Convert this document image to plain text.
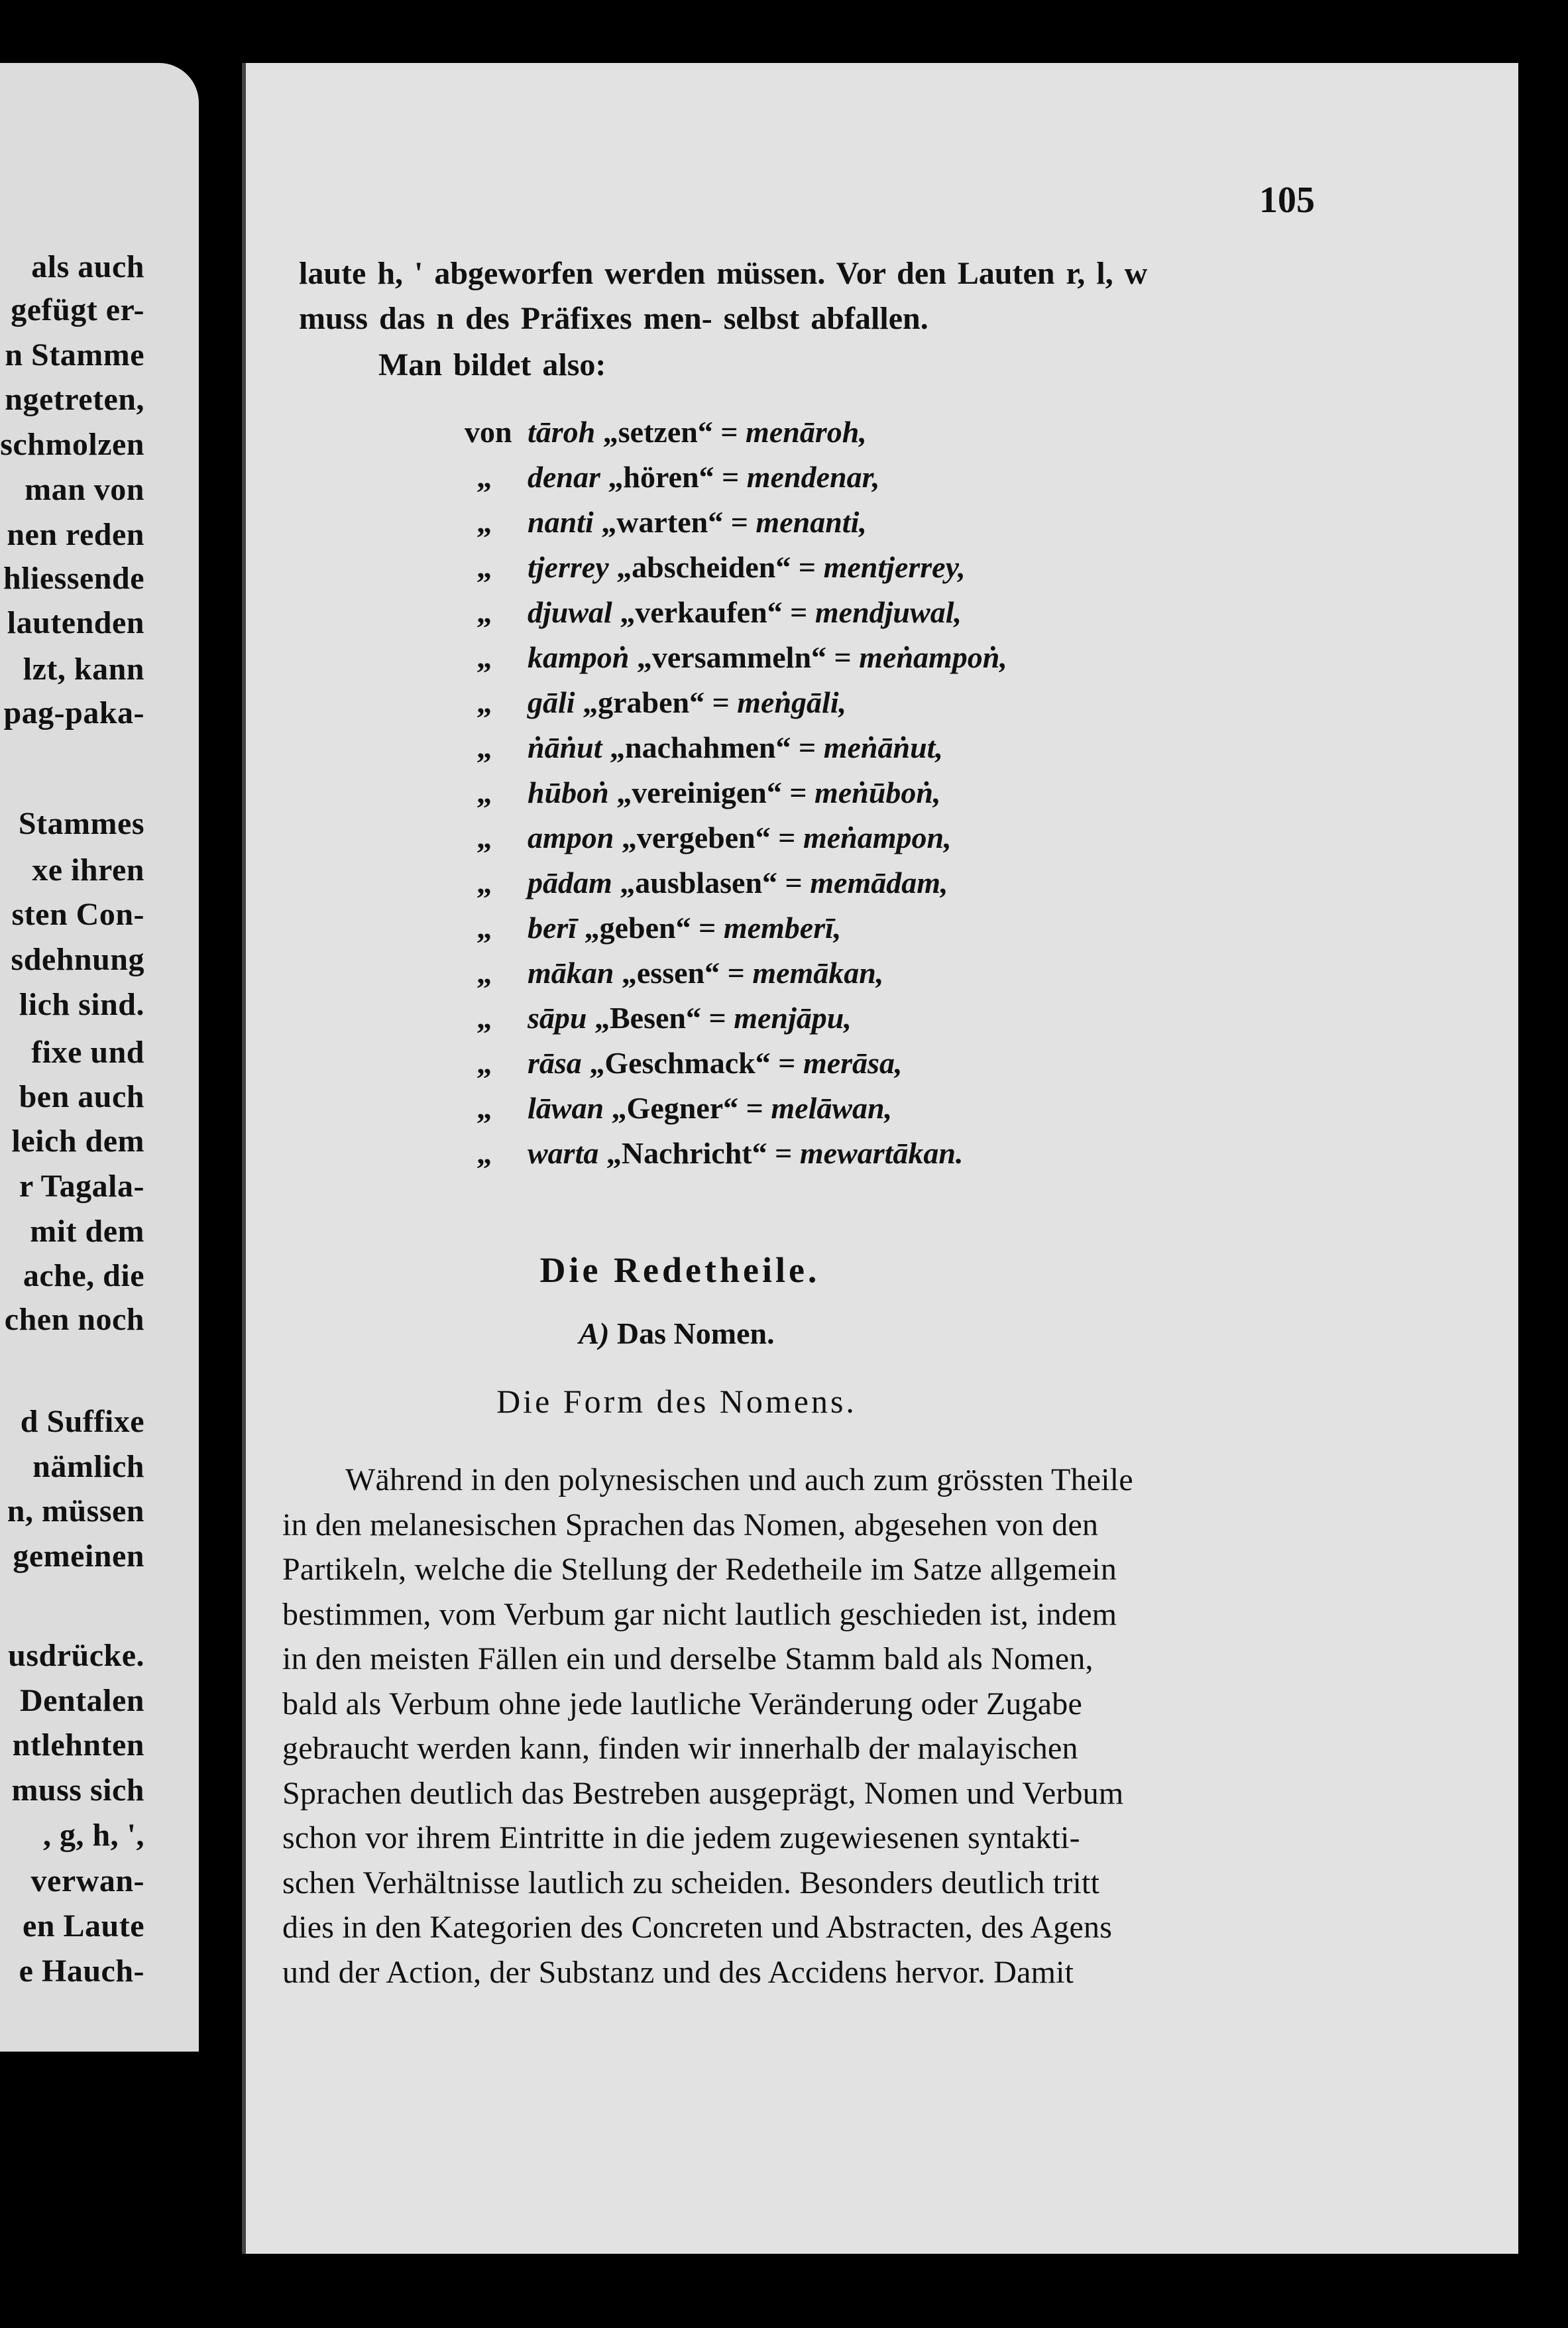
als auch
gefügt er-
n Stamme
ngetreten,
schmolzen
man von
nen reden
hliessende
lautenden
lzt, kann
pag-paka-
Stammes
xe ihren
sten Con-
sdehnung
lich sind.
fixe und
ben auch
leich dem
r Tagala-
mit dem
ache, die
chen noch
d Suffixe
nämlich
n, müssen
gemeinen
usdrücke.
Dentalen
ntlehnten
muss sich
, g, h, ',
verwan-
en Laute
e Hauch-
105
laute h, ' abgeworfen werden müssen. Vor den Lauten r, l, w
muss das n des Präfixes men- selbst abfallen.
Man bildet also:
von tāroh „setzen“ = menāroh,
„ denar „hören“ = mendenar,
„ nanti „warten“ = menanti,
„ tjerrey „abscheiden“ = mentjerrey,
„ djuwal „verkaufen“ = mendjuwal,
„ kampoṅ „versammeln“ = meṅampoṅ,
„ gāli „graben“ = meṅgāli,
„ ṅāṅut „nachahmen“ = meṅāṅut,
„ hūboṅ „vereinigen“ = meṅūboṅ,
„ ampon „vergeben“ = meṅampon,
„ pādam „ausblasen“ = memādam,
„ berī „geben“ = memberī,
„ mākan „essen“ = memākan,
„ sāpu „Besen“ = menjāpu,
„ rāsa „Geschmack“ = merāsa,
„ lāwan „Gegner“ = melāwan,
„ warta „Nachricht“ = mewartākan.
Die Redetheile.
A) Das Nomen.
Die Form des Nomens.
Während in den polynesischen und auch zum grössten Theile
in den melanesischen Sprachen das Nomen, abgesehen von den
Partikeln, welche die Stellung der Redetheile im Satze allgemein
bestimmen, vom Verbum gar nicht lautlich geschieden ist, indem
in den meisten Fällen ein und derselbe Stamm bald als Nomen,
bald als Verbum ohne jede lautliche Veränderung oder Zugabe
gebraucht werden kann, finden wir innerhalb der malayischen
Sprachen deutlich das Bestreben ausgeprägt, Nomen und Verbum
schon vor ihrem Eintritte in die jedem zugewiesenen syntakti-
schen Verhältnisse lautlich zu scheiden. Besonders deutlich tritt
dies in den Kategorien des Concreten und Abstracten, des Agens
und der Action, der Substanz und des Accidens hervor. Damit
